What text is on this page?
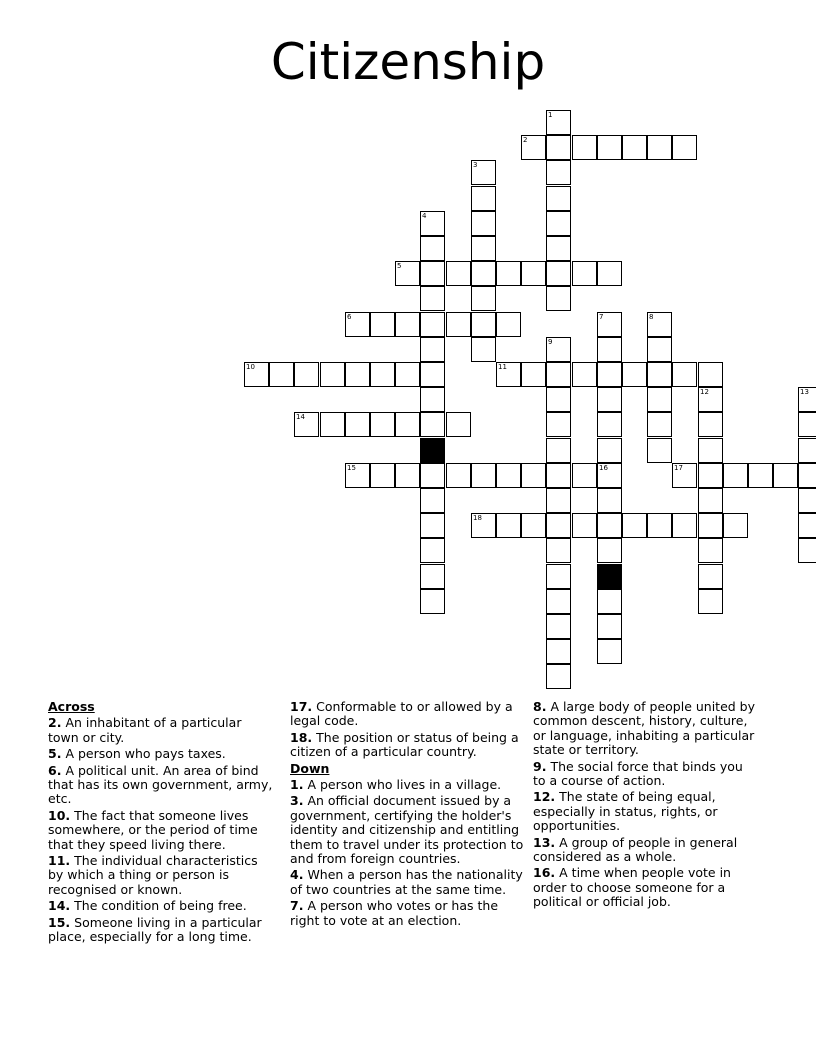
Citizenship
1
2
3
4
5
6	7	8
9
10	11
12	13
14
15	16	17
18

Across

2. An inhabitant of a particular town or city.

5. A person who pays taxes.

6. A political unit. An area of bind that has its own government, army, etc.

10. The fact that someone lives somewhere, or the period of time that they speed living there.

11. The individual characteristics by which a thing or person is recognised or known.

14. The condition of being free.

15. Someone living in a particular place, especially for a long time.

17. Conformable to or allowed by a legal code.

18. The position or status of being a citizen of a particular country.

Down

1. A person who lives in a village.

3. An official document issued by a government, certifying the holder's identity and citizenship and entitling them to travel under its protection to and from foreign countries.

4. When a person has the nationality of two countries at the same time.

7. A person who votes or has the right to vote at an election.

8. A large body of people united by common descent, history, culture, or language, inhabiting a particular state or territory.

9. The social force that binds you to a course of action.

12. The state of being equal, especially in status, rights, or opportunities.

13. A group of people in general considered as a whole.

16. A time when people vote in order to choose someone for a political or official job.
